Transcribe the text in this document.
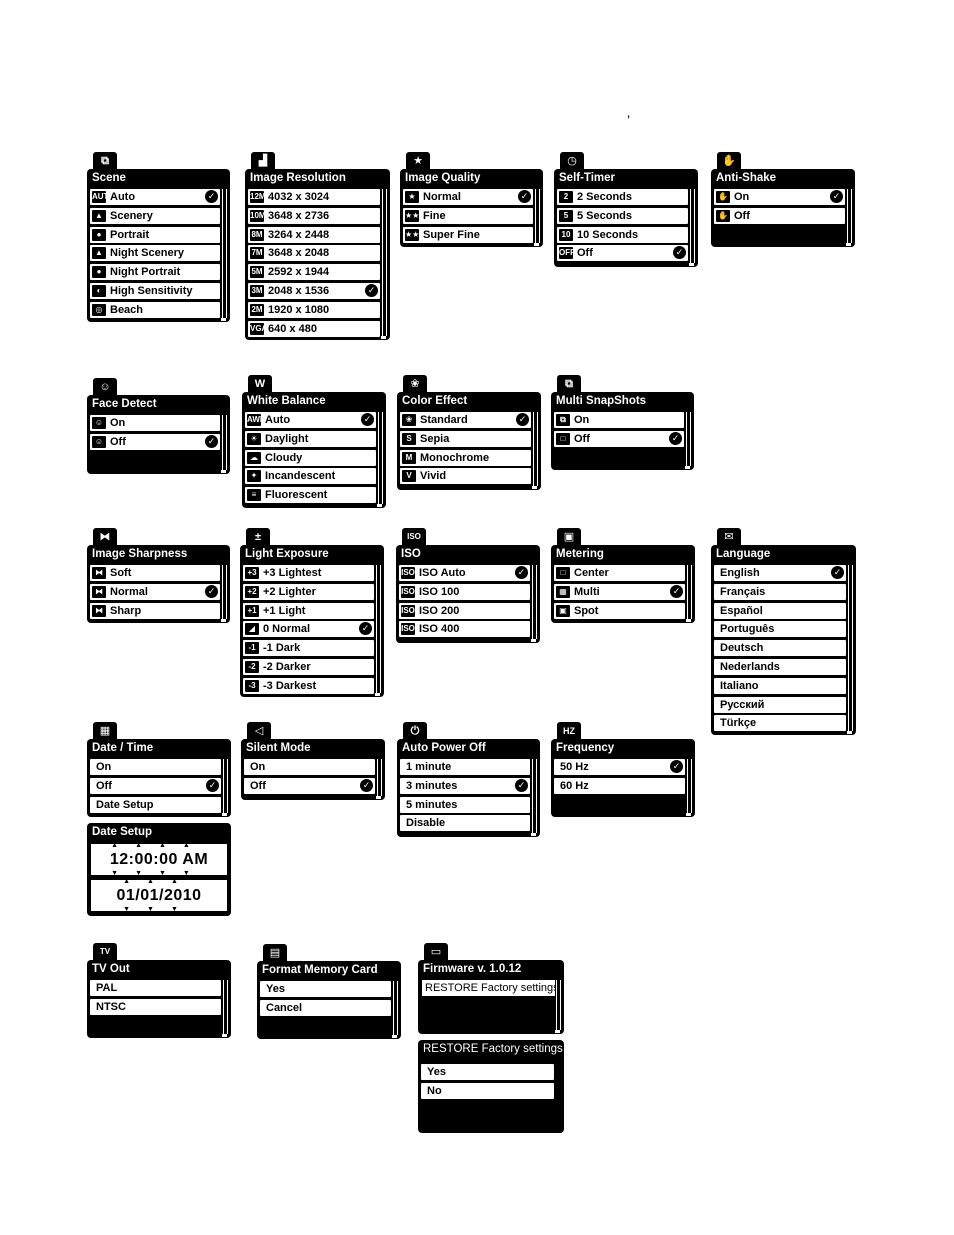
’
⧉
Scene
AUTO
Auto	✓
▲ Scenery
● Portrait
▲ Night Scenery
● Night Portrait
◐ High Sensitivity
◎ Beach
▟
Image Resolution
12M 4032 x 3024
10M 3648 x 2736
8M 3264 x 2448
7M 3648 x 2048
5M 2592 x 1944
3M 2048 x 1536	✓
2M 1920 x 1080
VGA 640 x 480
★
Image Quality
★ Normal	✓
★★ Fine
★★ Super Fine
◷
Self-Timer
2 2 Seconds
5 5 Seconds
10 10 Seconds
OFF Off	✓
✋
Anti-Shake
✋ On	✓
✋ Off
☺
Face Detect
☺ On
☺ Off	✓
W
White Balance
AWB Auto	✓
☀ Daylight
☁ Cloudy
✦ Incandescent
≡ Fluorescent
❀
Color Effect
❀ Standard	✓
S Sepia
M Monochrome
V Vivid
⧉
Multi SnapShots
⧉ On
□ Off	✓
⧓
Image Sharpness
⧓ Soft
⧓ Normal	✓
⧓ Sharp
±
Light Exposure
+3 +3 Lightest
+2 +2 Lighter
+1 +1 Light
◢ 0 Normal	✓
-1 -1 Dark
-2 -2 Darker
-3 -3 Darkest
ISO
ISO
ISO ISO Auto	✓
ISO ISO 100
ISO ISO 200
ISO ISO 400
▣
Metering
□ Center
▦ Multi	✓
▣ Spot
✉
Language
English	✓
Français
Español
Português
Deutsch
Nederlands
Italiano
Русский
Türkçe
▦
Date / Time
On
Off	✓
Date Setup
Date Setup
▲▲▲▲
12:00:00 AM
▼▼▼▼
▲▲▲
01/01/2010
▼▼▼
◁
Silent Mode
On
Off	✓
⏻
Auto Power Off
1 minute
3 minutes	✓
5 minutes
Disable
HZ
Frequency
50 Hz	✓
60 Hz
TV
TV Out
PAL
NTSC
▤
Format Memory Card
Yes
Cancel
▭
Firmware v. 1.0.12
RESTORE Factory settings
RESTORE Factory settings
Yes
No
